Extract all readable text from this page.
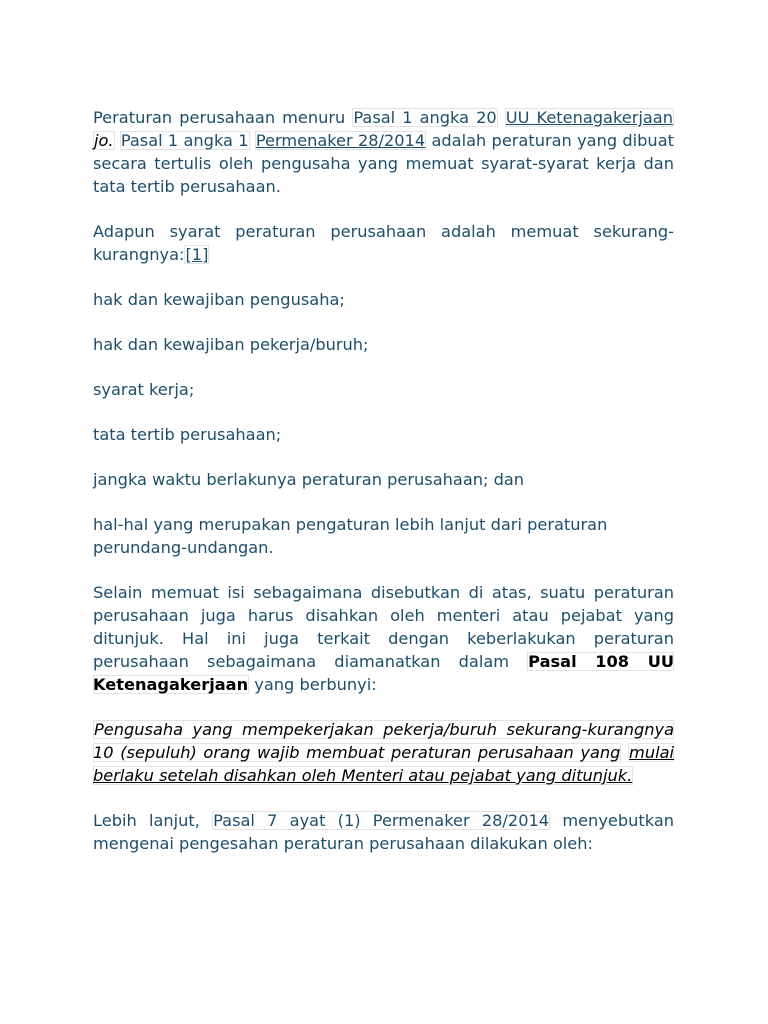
Peraturan perusahaan menuru Pasal 1 angka 20 UU Ketenagakerjaan jo. Pasal 1 angka 1 Permenaker 28/2014 adalah peraturan yang dibuat secara tertulis oleh pengusaha yang memuat syarat-syarat kerja dan tata tertib perusahaan.

Adapun syarat peraturan perusahaan adalah memuat sekurang-kurangnya:[1]

hak dan kewajiban pengusaha;

hak dan kewajiban pekerja/buruh;

syarat kerja;

tata tertib perusahaan;

jangka waktu berlakunya peraturan perusahaan; dan

hal-hal yang merupakan pengaturan lebih lanjut dari peraturan perundang-undangan.

Selain memuat isi sebagaimana disebutkan di atas, suatu peraturan perusahaan juga harus disahkan oleh menteri atau pejabat yang ditunjuk. Hal ini juga terkait dengan keberlakukan peraturan perusahaan sebagaimana diamanatkan dalam Pasal 108 UU Ketenagakerjaan yang berbunyi:

Pengusaha yang mempekerjakan pekerja/buruh sekurang-kurangnya 10 (sepuluh) orang wajib membuat peraturan perusahaan yang mulai berlaku setelah disahkan oleh Menteri atau pejabat yang ditunjuk.

Lebih lanjut, Pasal 7 ayat (1) Permenaker 28/2014 menyebutkan mengenai pengesahan peraturan perusahaan dilakukan oleh:
